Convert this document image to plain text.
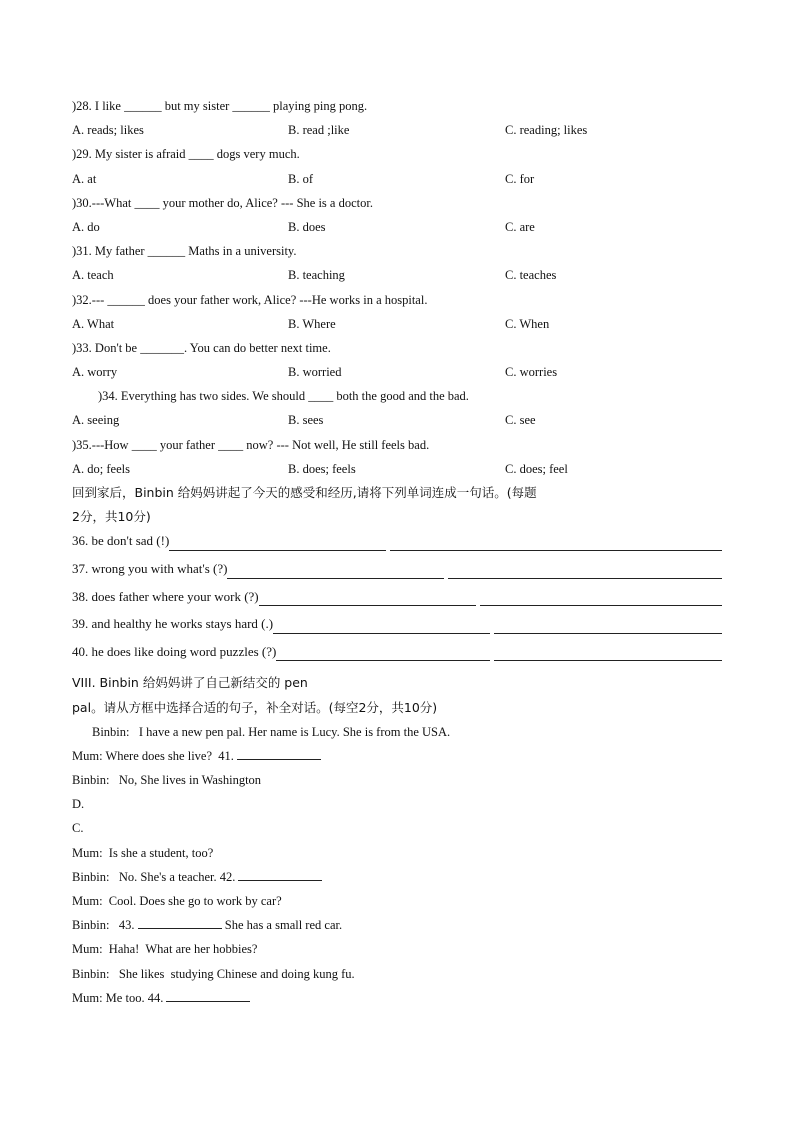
)28. I like ______ but my sister ______ playing ping pong.
A. reads; likes	B. read ;like	C. reading; likes
)29. My sister is afraid ____ dogs very much.
A. at	B. of	C. for
)30.---What ____ your mother do, Alice? --- She is a doctor.
A. do	B. does	C. are
)31. My father ______ Maths in a university.
A. teach	B. teaching	C. teaches
)32.--- ______ does your father work, Alice? ---He works in a hospital.
A. What	B. Where	C. When
)33. Don't be _______. You can do better next time.
A. worry	B. worried	C. worries
)34. Everything has two sides. We should ____ both the good and the bad.
A. seeing	B. sees	C. see
)35.---How ____ your father ____ now? --- Not well, He still feels bad.
A. do; feels	B. does; feels	C. does; feel
回到家后，Binbin 给妈妈讲起了今天的感受和经历,请将下列单词连成一句话。(每题
2分，共10分)
36. be don't sad (!)
37. wrong you with what's (?)
38. does father where your work (?)
39. and healthy he works stays hard (.)
40. he does like doing word puzzles (?)
VIII. Binbin 给妈妈讲了自己新结交的 pen
pal。请从方框中选择合适的句子，补全对话。(每空2分，共10分)
Binbin:   I have a new pen pal. Her name is Lucy. She is from the USA.
Mum: Where does she live?  41.
Binbin:   No, She lives in Washington
D.
C.
Mum:  Is she a student, too?
Binbin:   No. She's a teacher. 42.
Mum:  Cool. Does she go to work by car?
Binbin:   43.	She has a small red car.
Mum:  Haha!  What are her hobbies?
Binbin:   She likes  studying Chinese and doing kung fu.
Mum: Me too. 44.
